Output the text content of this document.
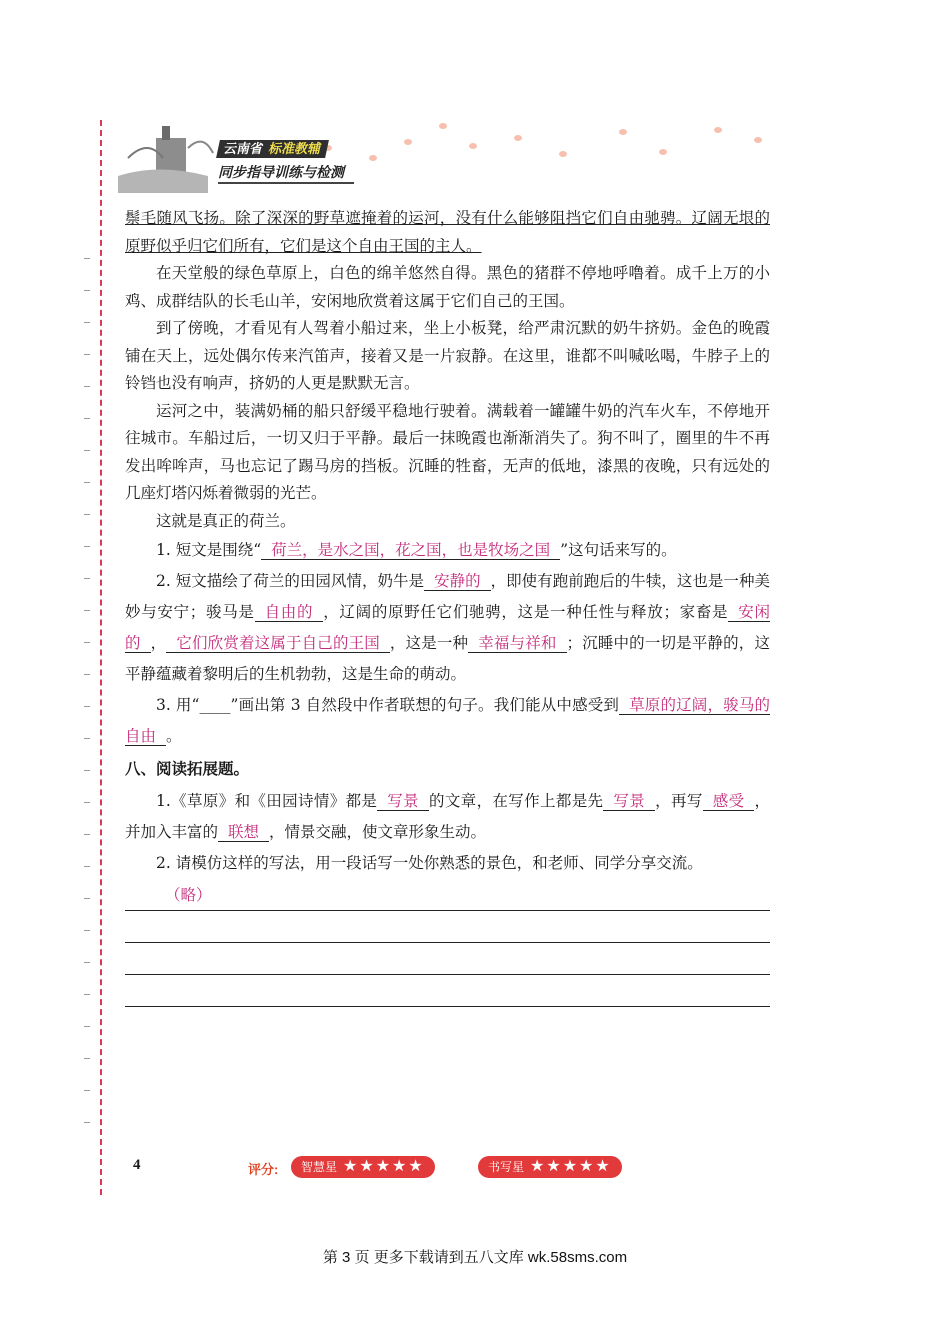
云南省 标准教辅
同步指导训练与检测

鬃毛随风飞扬。除了深深的野草遮掩着的运河，没有什么能够阻挡它们自由驰骋。辽阔无垠的原野似乎归它们所有，它们是这个自由王国的主人。

在天堂般的绿色草原上，白色的绵羊悠然自得。黑色的猪群不停地呼噜着。成千上万的小鸡、成群结队的长毛山羊，安闲地欣赏着这属于它们自己的王国。

到了傍晚，才看见有人驾着小船过来，坐上小板凳，给严肃沉默的奶牛挤奶。金色的晚霞铺在天上，远处偶尔传来汽笛声，接着又是一片寂静。在这里，谁都不叫喊吆喝，牛脖子上的铃铛也没有响声，挤奶的人更是默默无言。

运河之中，装满奶桶的船只舒缓平稳地行驶着。满载着一罐罐牛奶的汽车火车，不停地开往城市。车船过后，一切又归于平静。最后一抹晚霞也渐渐消失了。狗不叫了，圈里的牛不再发出哞哞声，马也忘记了踢马房的挡板。沉睡的牲畜，无声的低地，漆黑的夜晚，只有远处的几座灯塔闪烁着微弱的光芒。

这就是真正的荷兰。

1. 短文是围绕“ 荷兰，是水之国，花之国，也是牧场之国 ”这句话来写的。

2. 短文描绘了荷兰的田园风情，奶牛是 安静的 ，即使有跑前跑后的牛犊，这也是一种美妙与安宁；骏马是 自由的 ，辽阔的原野任它们驰骋，这是一种任性与释放；家畜是 安闲的 ， 它们欣赏着这属于自己的王国 ，这是一种 幸福与祥和 ；沉睡中的一切是平静的，这平静蕴藏着黎明后的生机勃勃，这是生命的萌动。

3. 用“____”画出第 3 自然段中作者联想的句子。我们能从中感受到 草原的辽阔，骏马的自由 。

八、阅读拓展题。

1.《草原》和《田园诗情》都是 写景 的文章，在写作上都是先 写景 ，再写 感受 ，并加入丰富的 联想 ，情景交融，使文章形象生动。

2. 请模仿这样的写法，用一段话写一处你熟悉的景色，和老师、同学分享交流。

（略）
4	评分:	智慧星 ★★★★★	书写星 ★★★★★
第 3 页 更多下载请到五八文库 wk.58sms.com
